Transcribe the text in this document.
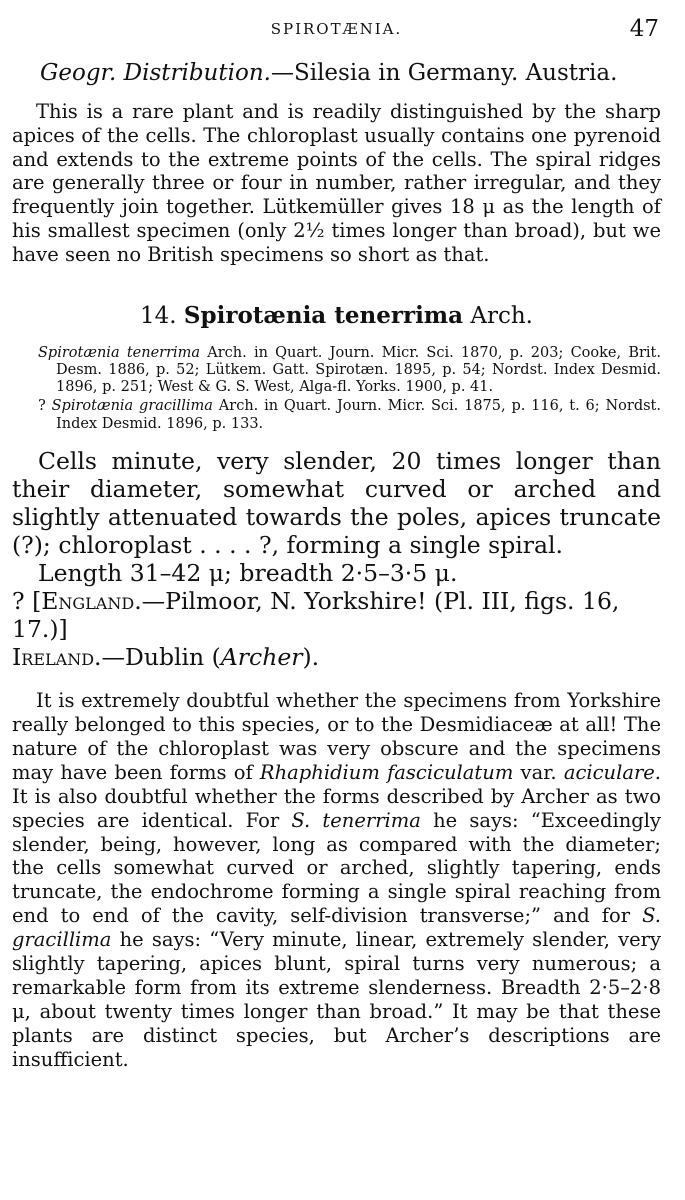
SPIROTÆNIA.	47
Geogr. Distribution.—Silesia in Germany. Austria.

This is a rare plant and is readily distinguished by the sharp apices of the cells. The chloroplast usually contains one pyrenoid and extends to the extreme points of the cells. The spiral ridges are generally three or four in number, rather irregular, and they frequently join together. Lütkemüller gives 18 μ as the length of his smallest specimen (only 2½ times longer than broad), but we have seen no British specimens so short as that.

14. Spirotænia tenerrima Arch.

Spirotænia tenerrima Arch. in Quart. Journ. Micr. Sci. 1870, p. 203; Cooke, Brit. Desm. 1886, p. 52; Lütkem. Gatt. Spirotæn. 1895, p. 54; Nordst. Index Desmid. 1896, p. 251; West & G. S. West, Alga-fl. Yorks. 1900, p. 41.

? Spirotænia gracillima Arch. in Quart. Journ. Micr. Sci. 1875, p. 116, t. 6; Nordst. Index Desmid. 1896, p. 133.

Cells minute, very slender, 20 times longer than their diameter, somewhat curved or arched and slightly attenuated towards the poles, apices truncate (?); chloroplast . . . . ?, forming a single spiral.

Length 31–42 μ; breadth 2·5–3·5 μ.

? [England.—Pilmoor, N. Yorkshire! (Pl. III, figs. 16, 17.)]

Ireland.—Dublin (Archer).

It is extremely doubtful whether the specimens from Yorkshire really belonged to this species, or to the Desmidiaceæ at all! The nature of the chloroplast was very obscure and the specimens may have been forms of Rhaphidium fasciculatum var. aciculare. It is also doubtful whether the forms described by Archer as two species are identical. For S. tenerrima he says: “Exceedingly slender, being, however, long as compared with the diameter; the cells somewhat curved or arched, slightly tapering, ends truncate, the endochrome forming a single spiral reaching from end to end of the cavity, self-division transverse;” and for S. gracillima he says: “Very minute, linear, extremely slender, very slightly tapering, apices blunt, spiral turns very numerous; a remarkable form from its extreme slenderness. Breadth 2·5–2·8 μ, about twenty times longer than broad.” It may be that these plants are distinct species, but Archer’s descriptions are insufficient.
